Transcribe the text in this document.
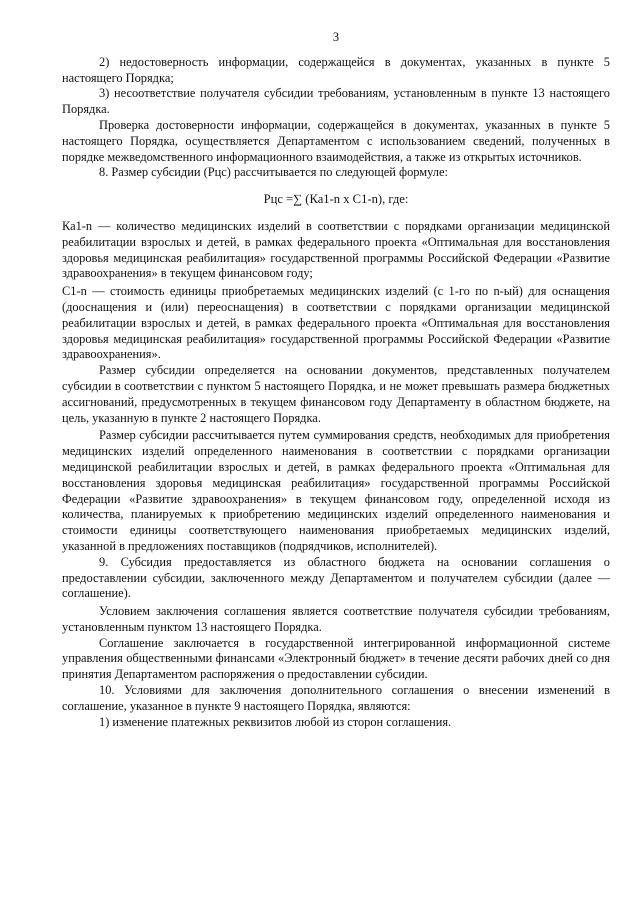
3

2) недостоверность информации, содержащейся в документах, указанных в пункте 5 настоящего Порядка;

3) несоответствие получателя субсидии требованиям, установленным в пункте 13 настоящего Порядка.

Проверка достоверности информации, содержащейся в документах, указанных в пункте 5 настоящего Порядка, осуществляется Департаментом с использованием сведений, полученных в порядке межведомственного информационного взаимодействия, а также из открытых источников.

8. Размер субсидии (Рцс) рассчитывается по следующей формуле:

Рцс =∑ (Ка1-n x C1-n), где:

Ка1-n — количество медицинских изделий в соответствии с порядками организации медицинской реабилитации взрослых и детей, в рамках федерального проекта «Оптимальная для восстановления здоровья медицинская реабилитация» государственной программы Российской Федерации «Развитие здравоохранения» в текущем финансовом году;

C1-n — стоимость единицы приобретаемых медицинских изделий (с 1-го по n-ый) для оснащения (дооснащения и (или) переоснащения) в соответствии с порядками организации медицинской реабилитации взрослых и детей, в рамках федерального проекта «Оптимальная для восстановления здоровья медицинская реабилитация» государственной программы Российской Федерации «Развитие здравоохранения».

Размер субсидии определяется на основании документов, представленных получателем субсидии в соответствии с пунктом 5 настоящего Порядка, и не может превышать размера бюджетных ассигнований, предусмотренных в текущем финансовом году Департаменту в областном бюджете, на цель, указанную в пункте 2 настоящего Порядка.

Размер субсидии рассчитывается путем суммирования средств, необходимых для приобретения медицинских изделий определенного наименования в соответствии с порядками организации медицинской реабилитации взрослых и детей, в рамках федерального проекта «Оптимальная для восстановления здоровья медицинская реабилитация» государственной программы Российской Федерации «Развитие здравоохранения» в текущем финансовом году, определенной исходя из количества, планируемых к приобретению медицинских изделий определенного наименования и стоимости единицы соответствующего наименования приобретаемых медицинских изделий, указанной в предложениях поставщиков (подрядчиков, исполнителей).

9. Субсидия предоставляется из областного бюджета на основании соглашения о предоставлении субсидии, заключенного между Департаментом и получателем субсидии (далее — соглашение).

Условием заключения соглашения является соответствие получателя субсидии требованиям, установленным пунктом 13 настоящего Порядка.

Соглашение заключается в государственной интегрированной информационной системе управления общественными финансами «Электронный бюджет» в течение десяти рабочих дней со дня принятия Департаментом распоряжения о предоставлении субсидии.

10. Условиями для заключения дополнительного соглашения о внесении изменений в соглашение, указанное в пункте 9 настоящего Порядка, являются:

1) изменение платежных реквизитов любой из сторон соглашения.
